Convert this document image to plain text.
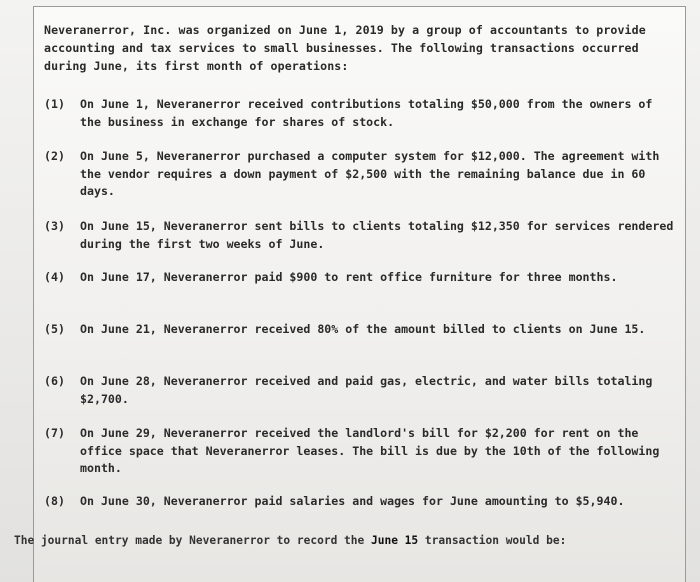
Neveranerror, Inc. was organized on June 1, 2019 by a group of accountants to provide accounting and tax services to small businesses. The following transactions occurred during June, its first month of operations:

(1)	On June 1, Neveranerror received contributions totaling $50,000 from the owners of the business in exchange for shares of stock.
(2)	On June 5, Neveranerror purchased a computer system for $12,000. The agreement with the vendor requires a down payment of $2,500 with the remaining balance due in 60 days.
(3)	On June 15, Neveranerror sent bills to clients totaling $12,350 for services rendered during the first two weeks of June.
(4)	On June 17, Neveranerror paid $900 to rent office furniture for three months.
(5)	On June 21, Neveranerror received 80% of the amount billed to clients on June 15.
(6)	On June 28, Neveranerror received and paid gas, electric, and water bills totaling $2,700.
(7)	On June 29, Neveranerror received the landlord's bill for $2,200 for rent on the office space that Neveranerror leases. The bill is due by the 10th of the following month.
(8)	On June 30, Neveranerror paid salaries and wages for June amounting to $5,940.
The journal entry made by Neveranerror to record the June 15 transaction would be:
